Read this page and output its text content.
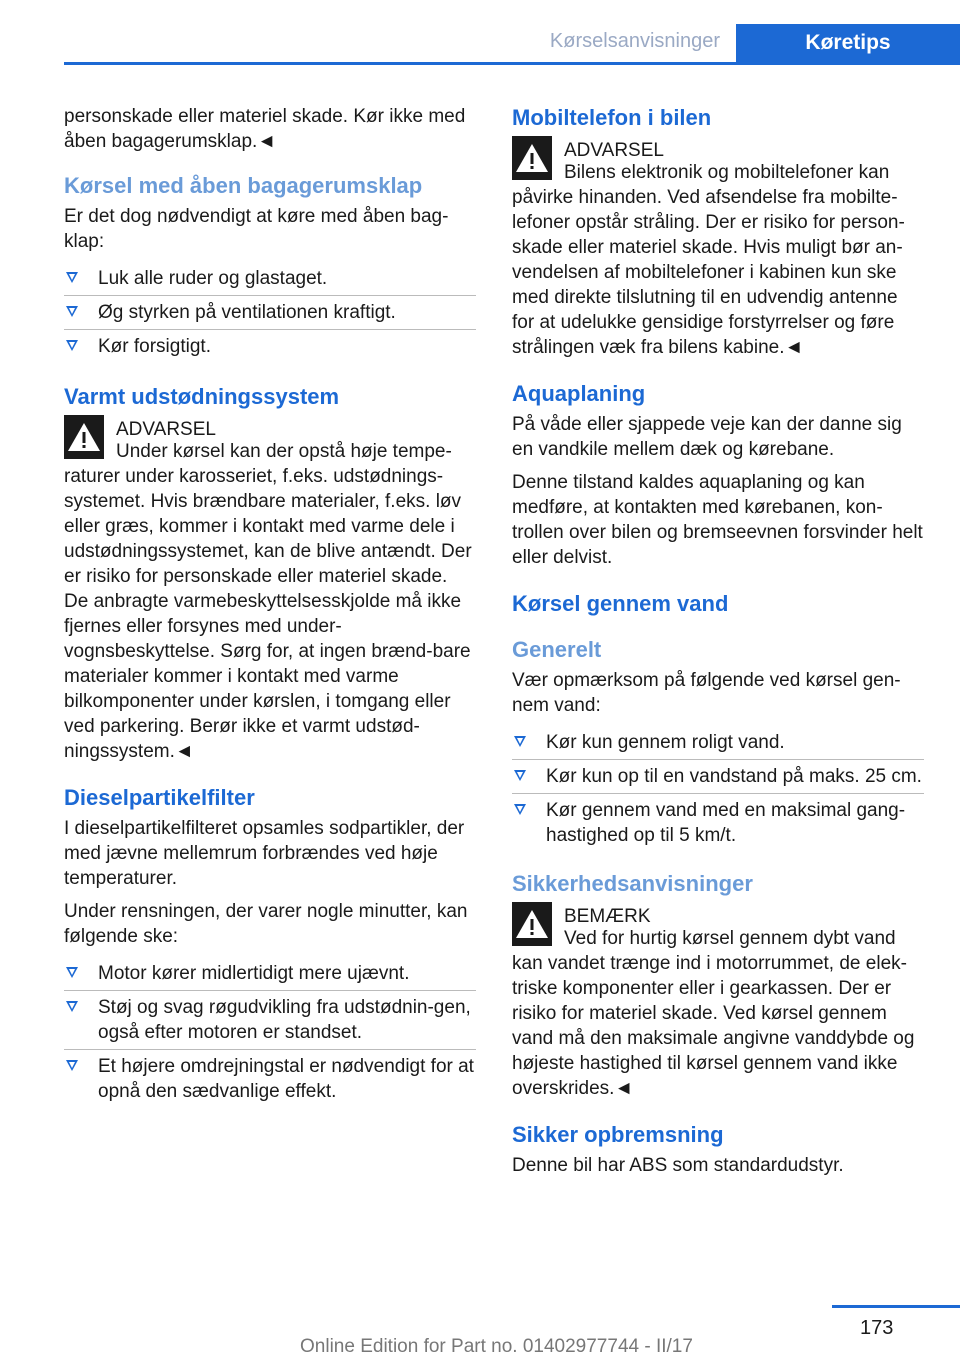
Kørselsanvisninger	Køretips

personskade eller materiel skade. Kør ikke med åben bagagerumsklap.◄

Kørsel med åben bagagerumsklap

Er det dog nødvendigt at køre med åben bag‐klap:

Luk alle ruder og glastaget.
Øg styrken på ventilationen kraftigt.
Kør forsigtigt.
Varmt udstødningssystem
ADVARSEL

Under kørsel kan der opstå høje tempe‐raturer under karosseriet, f.eks. udstødnings‐systemet. Hvis brændbare materialer, f.eks. løv eller græs, kommer i kontakt med varme dele i udstødningssystemet, kan de blive antændt. Der er risiko for personskade eller materiel skade. De anbragte varmebeskyttelsesskjolde må ikke fjernes eller forsynes med under‐vognsbeskyttelse. Sørg for, at ingen brænd‐bare materialer kommer i kontakt med varme bilkomponenter under kørslen, i tomgang eller ved parkering. Berør ikke et varmt udstød‐ningssystem.◄

Dieselpartikelfilter

I dieselpartikelfilteret opsamles sodpartikler, der med jævne mellemrum forbrændes ved høje temperaturer.

Under rensningen, der varer nogle minutter, kan følgende ske:

Motor kører midlertidigt mere ujævnt.
Støj og svag røgudvikling fra udstødnin‐gen, også efter motoren er standset.
Et højere omdrejningstal er nødvendigt for at opnå den sædvanlige effekt.
Mobiltelefon i bilen
ADVARSEL

Bilens elektronik og mobiltelefoner kan påvirke hinanden. Ved afsendelse fra mobilte‐lefoner opstår stråling. Der er risiko for person‐skade eller materiel skade. Hvis muligt bør an‐vendelsen af mobiltelefoner i kabinen kun ske med direkte tilslutning til en udvendig antenne for at udelukke gensidige forstyrrelser og føre strålingen væk fra bilens kabine.◄

Aquaplaning

På våde eller sjappede veje kan der danne sig en vandkile mellem dæk og kørebane.

Denne tilstand kaldes aquaplaning og kan medføre, at kontakten med kørebanen, kon‐trollen over bilen og bremseevnen forsvinder helt eller delvist.

Kørsel gennem vand
Generelt

Vær opmærksom på følgende ved kørsel gen‐nem vand:

Kør kun gennem roligt vand.
Kør kun op til en vandstand på maks. 25 cm.
Kør gennem vand med en maksimal gang‐hastighed op til 5 km/t.
Sikkerhedsanvisninger
BEMÆRK

Ved for hurtig kørsel gennem dybt vand kan vandet trænge ind i motorrummet, de elek‐triske komponenter eller i gearkassen. Der er risiko for materiel skade. Ved kørsel gennem vand må den maksimale angivne vanddybde og højeste hastighed til kørsel gennem vand ikke overskrides.◄

Sikker opbremsning

Denne bil har ABS som standardudstyr.

173
Online Edition for Part no. 01402977744 - II/17
